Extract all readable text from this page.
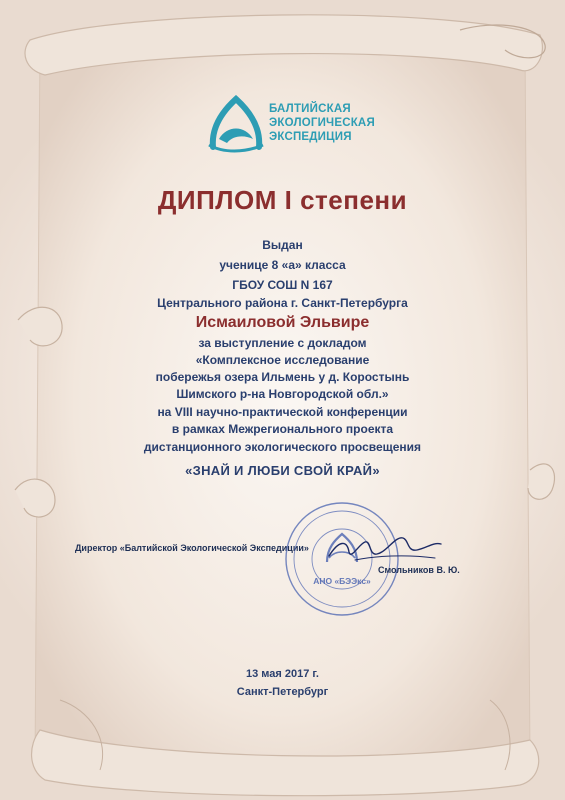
БАЛТИЙСКАЯ
ЭКОЛОГИЧЕСКАЯ
ЭКСПЕДИЦИЯ
ДИПЛОМ I степени
Выдан
ученице 8 «а» класса
ГБОУ СОШ N 167
Центрального района г. Санкт-Петербурга
Исмаиловой Эльвире
за выступление с докладом
«Комплексное исследование
побережья озера Ильмень у д. Коростынь
Шимского р-на Новгородской обл.»
на VIII научно-практической конференции
в рамках Межрегионального проекта
дистанционного экологического просвещения
«ЗНАЙ И ЛЮБИ СВОЙ КРАЙ»
Директор «Балтийской Экологической Экспедиции»
АНО «БЭЭкс»
Смольников В. Ю.
13 мая 2017 г.
Санкт-Петербург
